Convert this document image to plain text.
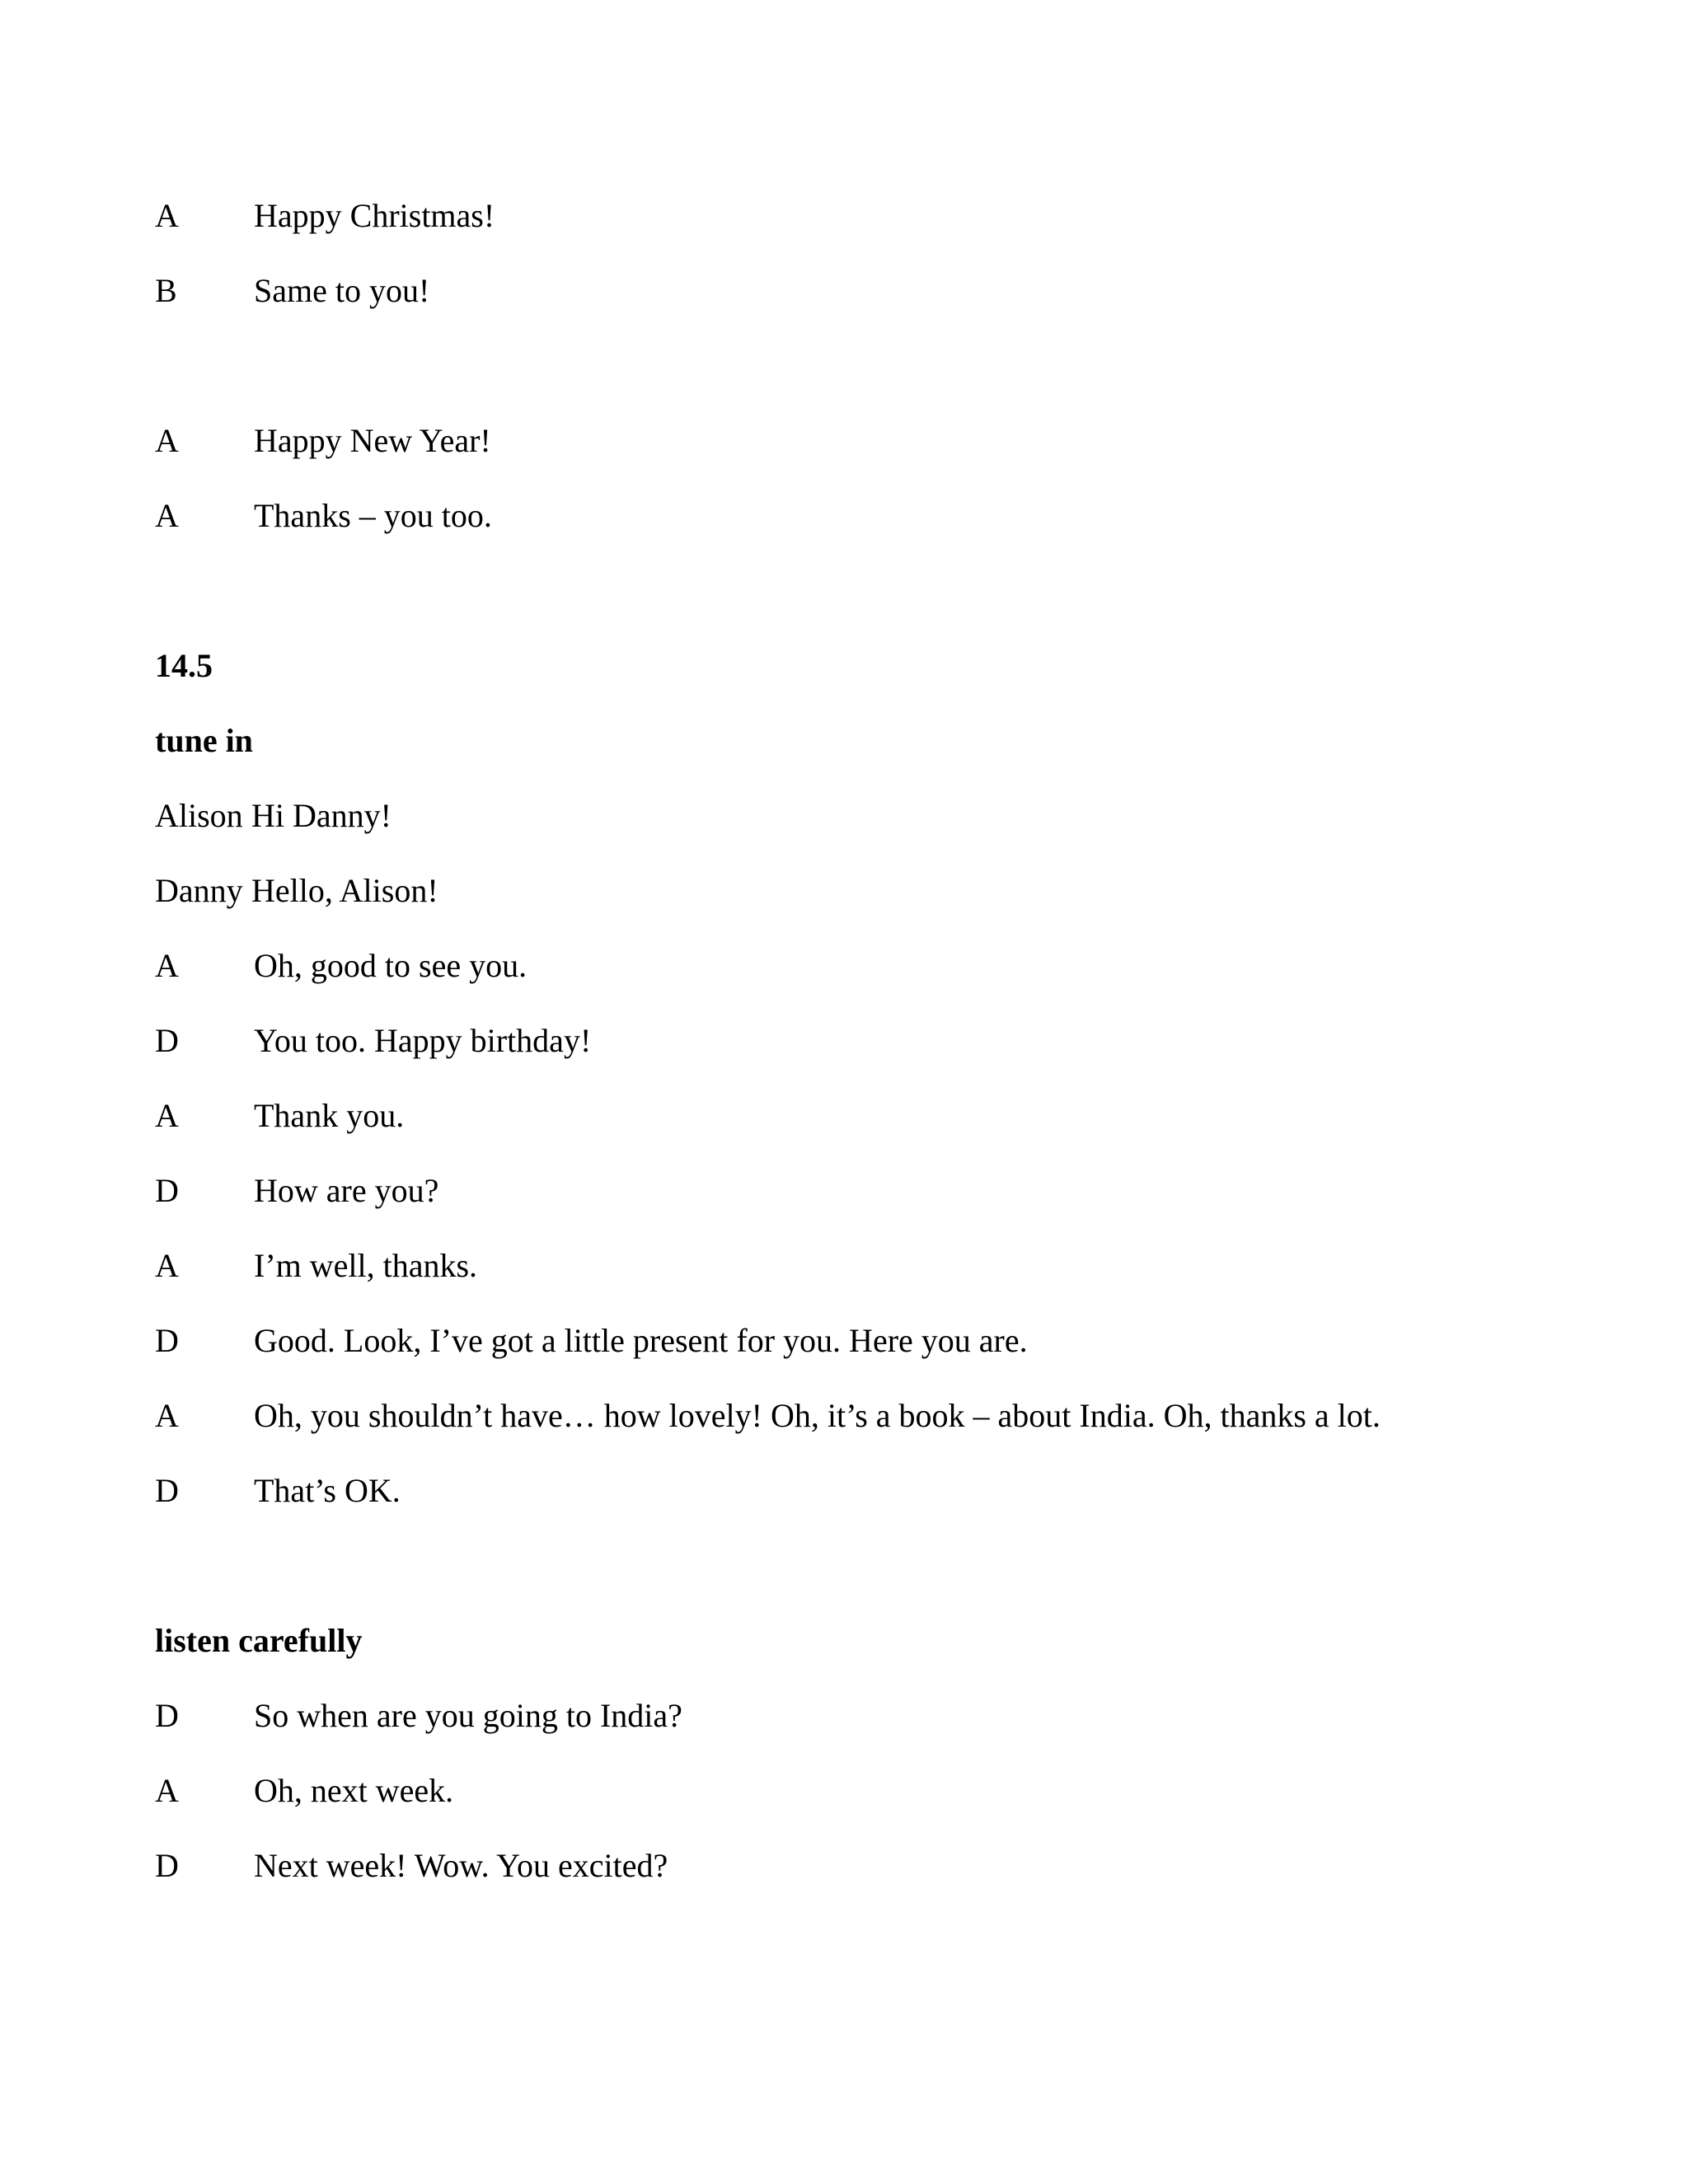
A Happy Christmas!
B Same to you!
A Happy New Year!
A Thanks – you too.
14.5
tune in
Alison Hi Danny!
Danny Hello, Alison!
A Oh, good to see you.
D You too. Happy birthday!
A Thank you.
D How are you?
A I’m well, thanks.
D Good. Look, I’ve got a little present for you. Here you are.
A Oh, you shouldn’t have… how lovely! Oh, it’s a book – about India. Oh, thanks a lot.
D That’s OK.
listen carefully
D So when are you going to India?
A Oh, next week.
D Next week! Wow. You excited?
